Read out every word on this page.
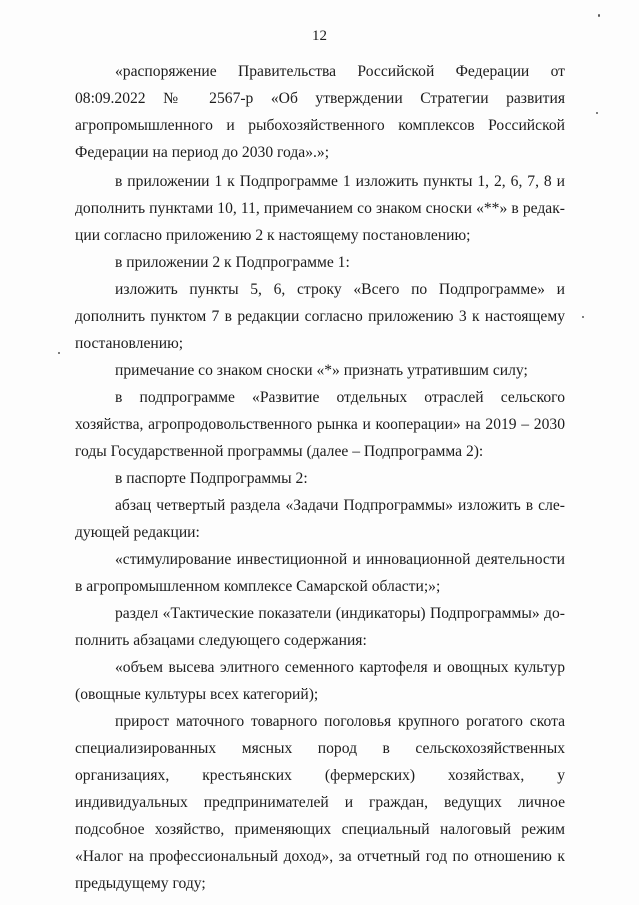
12

«распоряжение Правительства Российской Федерации от 08:09.2022 № 2567-р «Об утверждении Стратегии развития агропромышленного и рыбохозяйственного комплексов Российской Федерации на период до 2030 года».»;

в приложении 1 к Подпрограмме 1 изложить пункты 1, 2, 6, 7, 8 и дополнить пунктами 10, 11, примечанием со знаком сноски «**» в редакции согласно приложению 2 к настоящему постановлению;

в приложении 2 к Подпрограмме 1:

изложить пункты 5, 6, строку «Всего по Подпрограмме» и дополнить пунктом 7 в редакции согласно приложению 3 к настоящему постановлению;

примечание со знаком сноски «*» признать утратившим силу;

в подпрограмме «Развитие отдельных отраслей сельского хозяйства, агропродовольственного рынка и кооперации» на 2019 – 2030 годы Государственной программы (далее – Подпрограмма 2):

в паспорте Подпрограммы 2:

абзац четвертый раздела «Задачи Подпрограммы» изложить в следующей редакции:

«стимулирование инвестиционной и инновационной деятельности в агропромышленном комплексе Самарской области;»;

раздел «Тактические показатели (индикаторы) Подпрограммы» дополнить абзацами следующего содержания:

«объем высева элитного семенного картофеля и овощных культур (овощные культуры всех категорий);

прирост маточного товарного поголовья крупного рогатого скота специализированных мясных пород в сельскохозяйственных организациях, крестьянских (фермерских) хозяйствах, у индивидуальных предпринимателей и граждан, ведущих личное подсобное хозяйство, применяющих специальный налоговый режим «Налог на профессиональный доход», за отчетный год по отношению к предыдущему году;
